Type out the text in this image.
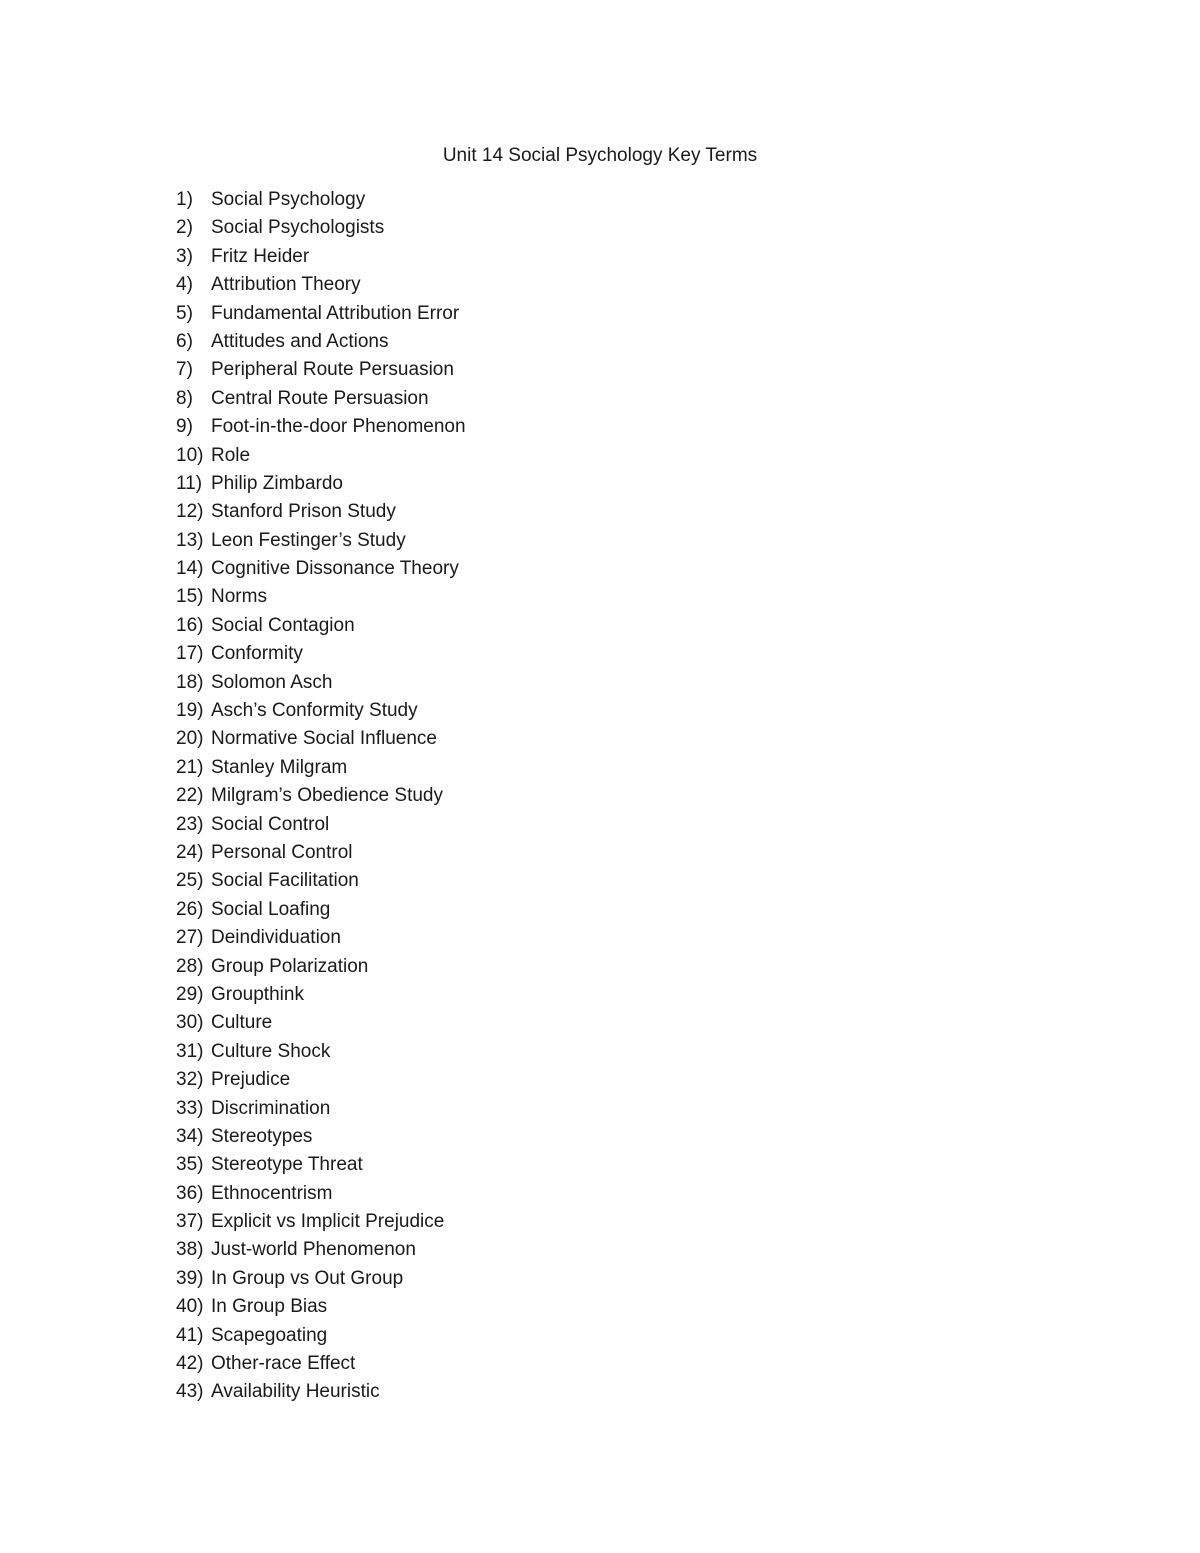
Unit 14 Social Psychology Key Terms
1) Social Psychology
2) Social Psychologists
3) Fritz Heider
4) Attribution Theory
5) Fundamental Attribution Error
6) Attitudes and Actions
7) Peripheral Route Persuasion
8) Central Route Persuasion
9) Foot-in-the-door Phenomenon
10) Role
11) Philip Zimbardo
12) Stanford Prison Study
13) Leon Festinger’s Study
14) Cognitive Dissonance Theory
15) Norms
16) Social Contagion
17) Conformity
18) Solomon Asch
19) Asch’s Conformity Study
20) Normative Social Influence
21) Stanley Milgram
22) Milgram’s Obedience Study
23) Social Control
24) Personal Control
25) Social Facilitation
26) Social Loafing
27) Deindividuation
28) Group Polarization
29) Groupthink
30) Culture
31) Culture Shock
32) Prejudice
33) Discrimination
34) Stereotypes
35) Stereotype Threat
36) Ethnocentrism
37) Explicit vs Implicit Prejudice
38) Just-world Phenomenon
39) In Group vs Out Group
40) In Group Bias
41) Scapegoating
42) Other-race Effect
43) Availability Heuristic
